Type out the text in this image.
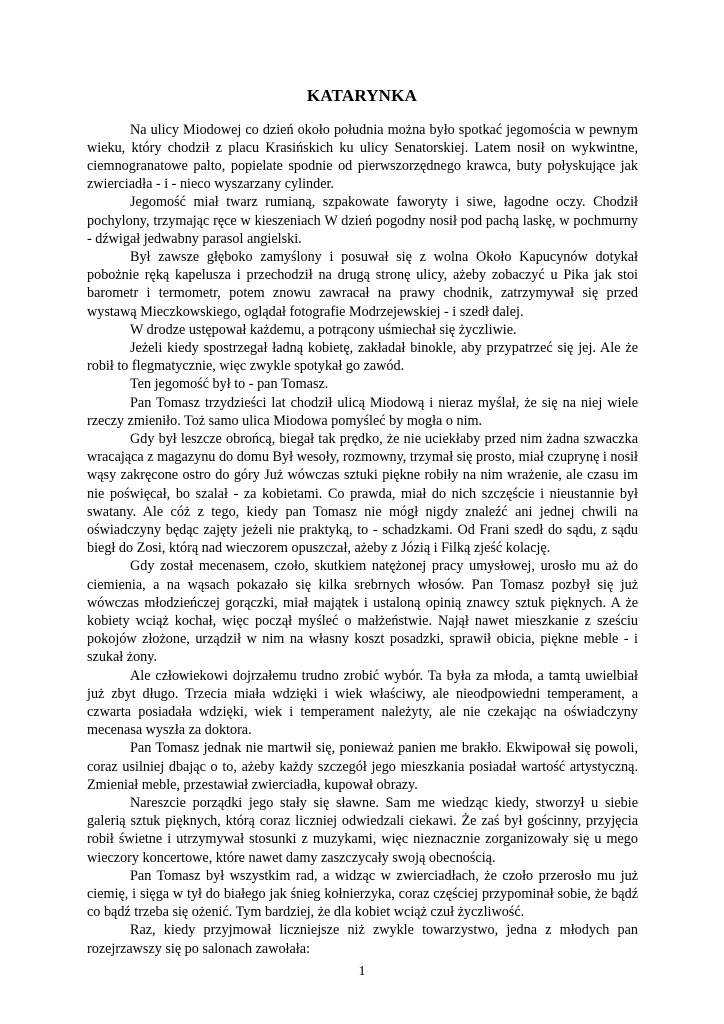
KATARYNKA

Na ulicy Miodowej co dzień około południa można było spotkać jegomościa w pewnym wieku, który chodził z placu Krasińskich ku ulicy Senatorskiej. Latem nosił on wykwintne, ciemnogranatowe palto, popielate spodnie od pierwszorzędnego krawca, buty połyskujące jak zwierciadła - i - nieco wyszarzany cylinder.

Jegomość miał twarz rumianą, szpakowate faworyty i siwe, łagodne oczy. Chodził pochylony, trzymając ręce w kieszeniach W dzień pogodny nosił pod pachą laskę, w pochmurny - dźwigał jedwabny parasol angielski.

Był zawsze głęboko zamyślony i posuwał się z wolna Około Kapucynów dotykał pobożnie ręką kapelusza i przechodził na drugą stronę ulicy, ażeby zobaczyć u Pika jak stoi barometr i termometr, potem znowu zawracał na prawy chodnik, zatrzymywał się przed wystawą Mieczkowskiego, oglądał fotografie Modrzejewskiej - i szedł dalej.

W drodze ustępował każdemu, a potrącony uśmiechał się życzliwie.

Jeżeli kiedy spostrzegał ładną kobietę, zakładał binokle, aby przypatrzeć się jej. Ale że robił to flegmatycznie, więc zwykle spotykał go zawód.

Ten jegomość był to - pan Tomasz.

Pan Tomasz trzydzieści lat chodził ulicą Miodową i nieraz myślał, że się na niej wiele rzeczy zmieniło. Toż samo ulica Miodowa pomyśleć by mogła o nim.

Gdy był leszcze obrońcą, biegał tak prędko, że nie uciekłaby przed nim żadna szwaczka wracająca z magazynu do domu Był wesoły, rozmowny, trzymał się prosto, miał czuprynę i nosił wąsy zakręcone ostro do góry Już wówczas sztuki piękne robiły na nim wrażenie, ale czasu im nie poświęcał, bo szalał - za kobietami. Co prawda, miał do nich szczęście i nieustannie był swatany. Ale cóż z tego, kiedy pan Tomasz nie mógł nigdy znaleźć ani jednej chwili na oświadczyny będąc zajęty jeżeli nie praktyką, to - schadzkami. Od Frani szedł do sądu, z sądu biegł do Zosi, którą nad wieczorem opuszczał, ażeby z Józią i Filką zjeść kolację.

Gdy został mecenasem, czoło, skutkiem natężonej pracy umysłowej, urosło mu aż do ciemienia, a na wąsach pokazało się kilka srebrnych włosów. Pan Tomasz pozbył się już wówczas młodzieńczej gorączki, miał majątek i ustaloną opinią znawcy sztuk pięknych. A że kobiety wciąż kochał, więc począł myśleć o małżeństwie. Najął nawet mieszkanie z sześciu pokojów złożone, urządził w nim na własny koszt posadzki, sprawił obicia, piękne meble - i szukał żony.

Ale człowiekowi dojrzałemu trudno zrobić wybór. Ta była za młoda, a tamtą uwielbiał już zbyt długo. Trzecia miała wdzięki i wiek właściwy, ale nieodpowiedni temperament, a czwarta posiadała wdzięki, wiek i temperament należyty, ale nie czekając na oświadczyny mecenasa wyszła za doktora.

Pan Tomasz jednak nie martwił się, ponieważ panien me brakło. Ekwipował się powoli, coraz usilniej dbając o to, ażeby każdy szczegół jego mieszkania posiadał wartość artystyczną. Zmieniał meble, przestawiał zwierciadła, kupował obrazy.

Nareszcie porządki jego stały się sławne. Sam me wiedząc kiedy, stworzył u siebie galerią sztuk pięknych, którą coraz liczniej odwiedzali ciekawi. Że zaś był gościnny, przyjęcia robił świetne i utrzymywał stosunki z muzykami, więc nieznacznie zorganizowały się u mego wieczory koncertowe, które nawet damy zaszczycały swoją obecnością.

Pan Tomasz był wszystkim rad, a widząc w zwierciadłach, że czoło przerosło mu już ciemię, i sięga w tył do białego jak śnieg kołnierzyka, coraz częściej przypominał sobie, że bądź co bądź trzeba się ożenić. Tym bardziej, że dla kobiet wciąż czuł życzliwość.

Raz, kiedy przyjmował liczniejsze niż zwykle towarzystwo, jedna z młodych pan rozejrzawszy się po salonach zawołała:

1
